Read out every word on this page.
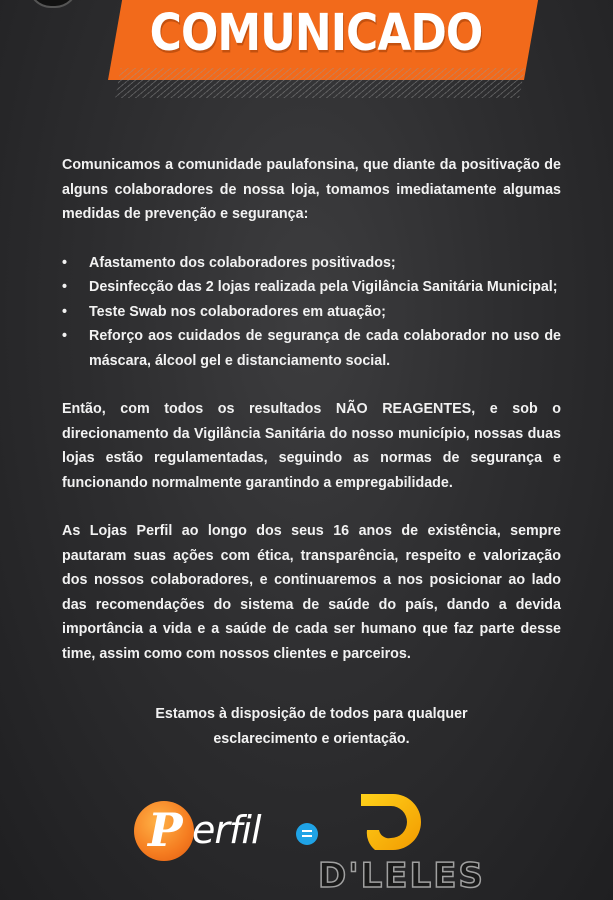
COMUNICADO

Comunicamos a comunidade paulafonsina, que diante da positivação de alguns colaboradores de nossa loja, tomamos imediatamente algumas medidas de prevenção e segurança:

• Afastamento dos colaboradores positivados;
• Desinfecção das 2 lojas realizada pela Vigilância Sanitária Municipal;
• Teste Swab nos colaboradores em atuação;
• Reforço aos cuidados de segurança de cada colaborador no uso de máscara, álcool gel e distanciamento social.

Então, com todos os resultados NÃO REAGENTES, e sob o direcionamento da Vigilância Sanitária do nosso município, nossas duas lojas estão regulamentadas, seguindo as normas de segurança e funcionando normalmente garantindo a empregabilidade.

As Lojas Perfil ao longo dos seus 16 anos de existência, sempre pautaram suas ações com ética, transparência, respeito e valorização dos nossos colaboradores, e continuaremos a nos posicionar ao lado das recomendações do sistema de saúde do país, dando a devida importância a vida e a saúde de cada ser humano que faz parte desse time, assim como com nossos clientes e parceiros.

Estamos à disposição de todos para qualquer
esclarecimento e orientação.
P erfil
D'LELES
